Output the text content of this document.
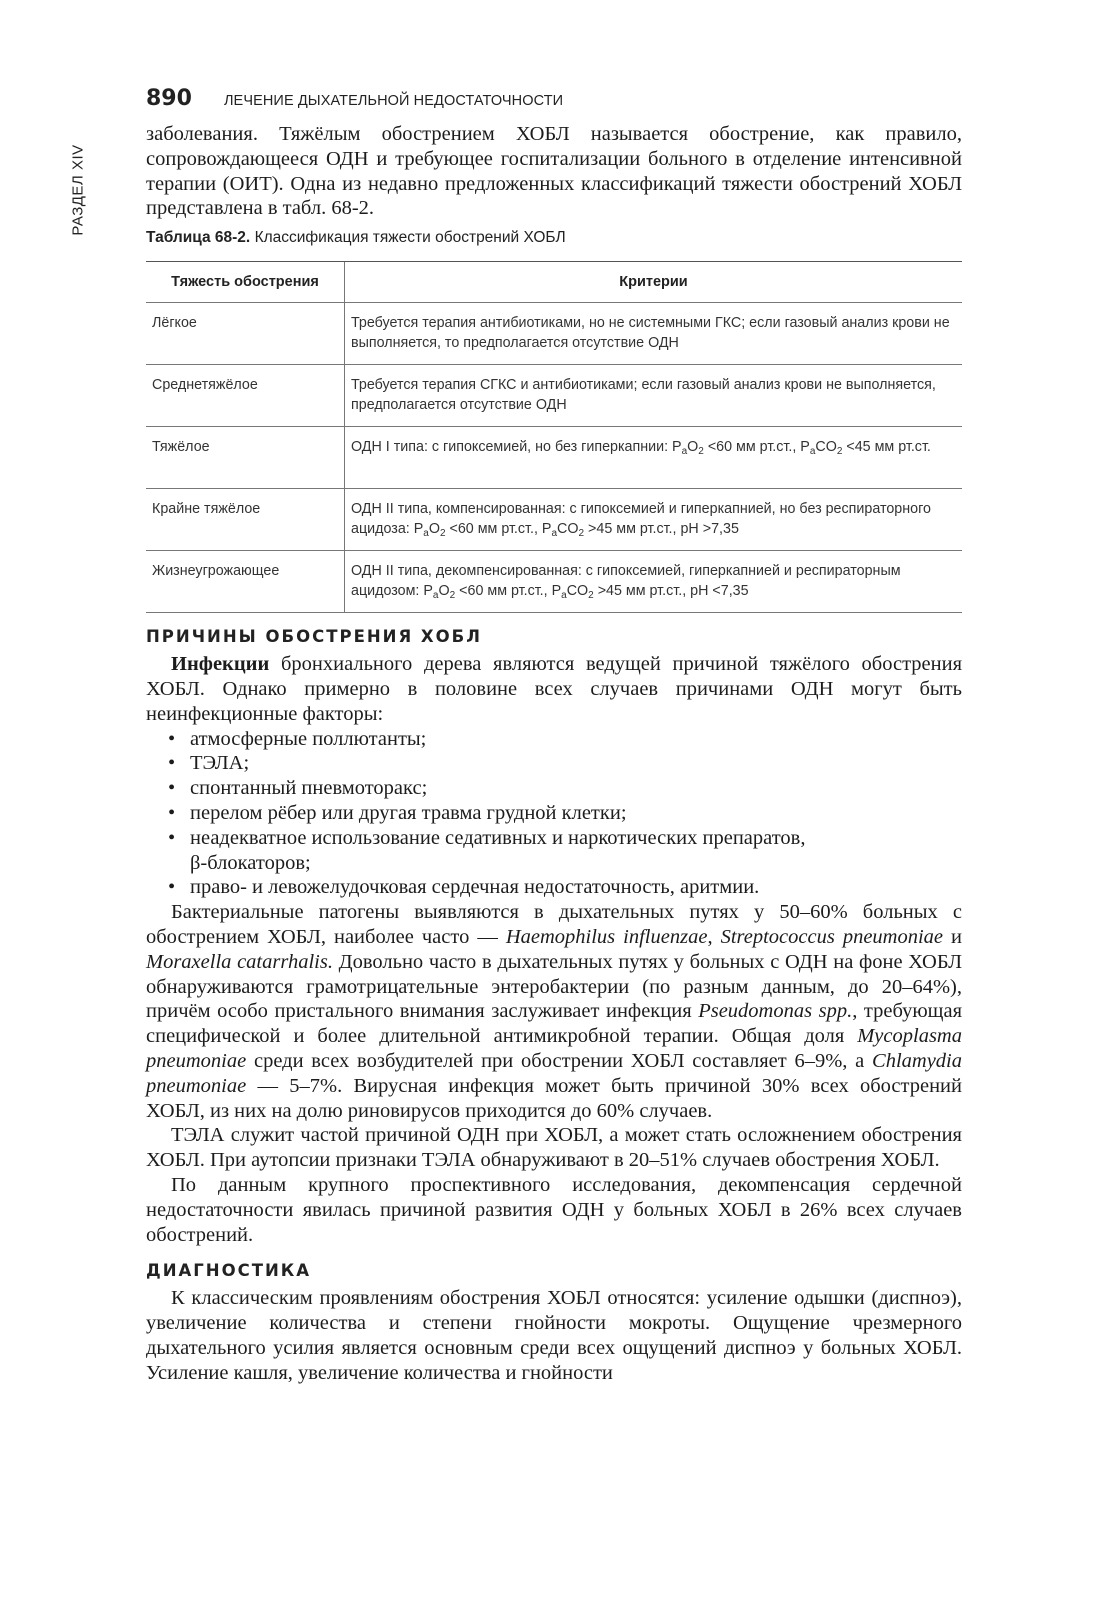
РАЗДЕЛ XIV
890 ЛЕЧЕНИЕ ДЫХАТЕЛЬНОЙ НЕДОСТАТОЧНОСТИ

заболевания. Тяжёлым обострением ХОБЛ называется обострение, как правило, сопровождающееся ОДН и требующее госпитализации больного в отделение интенсивной терапии (ОИТ). Одна из недавно предложенных классификаций тяжести обострений ХОБЛ представлена в табл. 68-2.

Таблица 68-2. Классификация тяжести обострений ХОБЛ
Тяжесть обострения	Критерии
Лёгкое	Требуется терапия антибиотиками, но не системными ГКС; если газовый анализ крови не выполняется, то предполагается отсутствие ОДН
Среднетяжёлое	Требуется терапия СГКС и антибиотиками; если газовый анализ крови не выполняется, предполагается отсутствие ОДН
Тяжёлое	ОДН I типа: с гипоксемией, но без гиперкапнии: $P_aO_2 <60$ мм рт.ст., $P_aCO_2 <45$ мм рт.ст.
Крайне тяжёлое	ОДН II типа, компенсированная: с гипоксемией и гиперкапнией, но без респираторного ацидоза: $P_aO_2 <60$ мм рт.ст., $P_aCO_2 >45$ мм рт.ст., pH >7,35
Жизнеугрожающее	ОДН II типа, декомпенсированная: с гипоксемией, гиперкапнией и респираторным ацидозом: $P_aO_2 <60$ мм рт.ст., $P_aCO_2 >45$ мм рт.ст., pH <7,35
ПРИЧИНЫ ОБОСТРЕНИЯ ХОБЛ

Инфекции бронхиального дерева являются ведущей причиной тяжёлого обострения ХОБЛ. Однако примерно в половине всех случаев причинами ОДН могут быть неинфекционные факторы:

• атмосферные поллютанты;
• ТЭЛА;
• спонтанный пневмоторакс;
• перелом рёбер или другая травма грудной клетки;
• неадекватное использование седативных и наркотических препаратов,
β-блокаторов;
• право- и левожелудочковая сердечная недостаточность, аритмии.

Бактериальные патогены выявляются в дыхательных путях у 50–60% больных с обострением ХОБЛ, наиболее часто — Haemophilus influenzae, Streptococcus pneumoniae и Moraxella catarrhalis. Довольно часто в дыхательных путях у больных с ОДН на фоне ХОБЛ обнаруживаются грамотрицательные энтеробактерии (по разным данным, до 20–64%), причём особо пристального внимания заслуживает инфекция Pseudomonas spp., требующая специфической и более длительной антимикробной терапии. Общая доля Mycoplasma pneumoniae среди всех возбудителей при обострении ХОБЛ составляет 6–9%, а Chlamydia pneumoniae — 5–7%. Вирусная инфекция может быть причиной 30% всех обострений ХОБЛ, из них на долю риновирусов приходится до 60% случаев.

ТЭЛА служит частой причиной ОДН при ХОБЛ, а может стать осложнением обострения ХОБЛ. При аутопсии признаки ТЭЛА обнаруживают в 20–51% случаев обострения ХОБЛ.

По данным крупного проспективного исследования, декомпенсация сердечной недостаточности явилась причиной развития ОДН у больных ХОБЛ в 26% всех случаев обострений.

ДИАГНОСТИКА

К классическим проявлениям обострения ХОБЛ относятся: усиление одышки (диспноэ), увеличение количества и степени гнойности мокроты. Ощущение чрезмерного дыхательного усилия является основным среди всех ощущений диспноэ у больных ХОБЛ. Усиление кашля, увеличение количества и гнойности
